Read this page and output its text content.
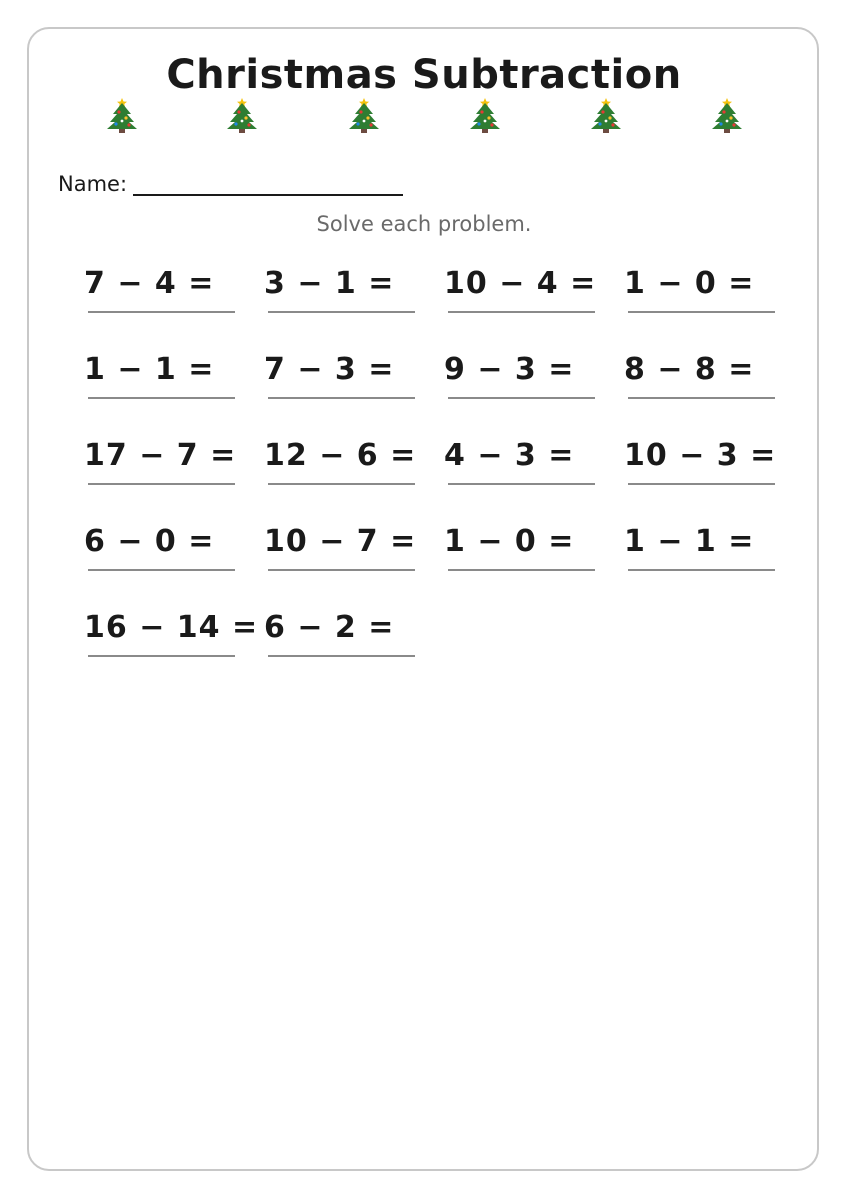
Christmas Subtraction
Name:
Solve each problem.
7 − 4 = 3 − 1 = 10 − 4 = 1 − 0 =
1 − 1 = 7 − 3 = 9 − 3 = 8 − 8 =
17 − 7 = 12 − 6 = 4 − 3 = 10 − 3 =
6 − 0 = 10 − 7 = 1 − 0 = 1 − 1 =
16 − 14 = 6 − 2 =
